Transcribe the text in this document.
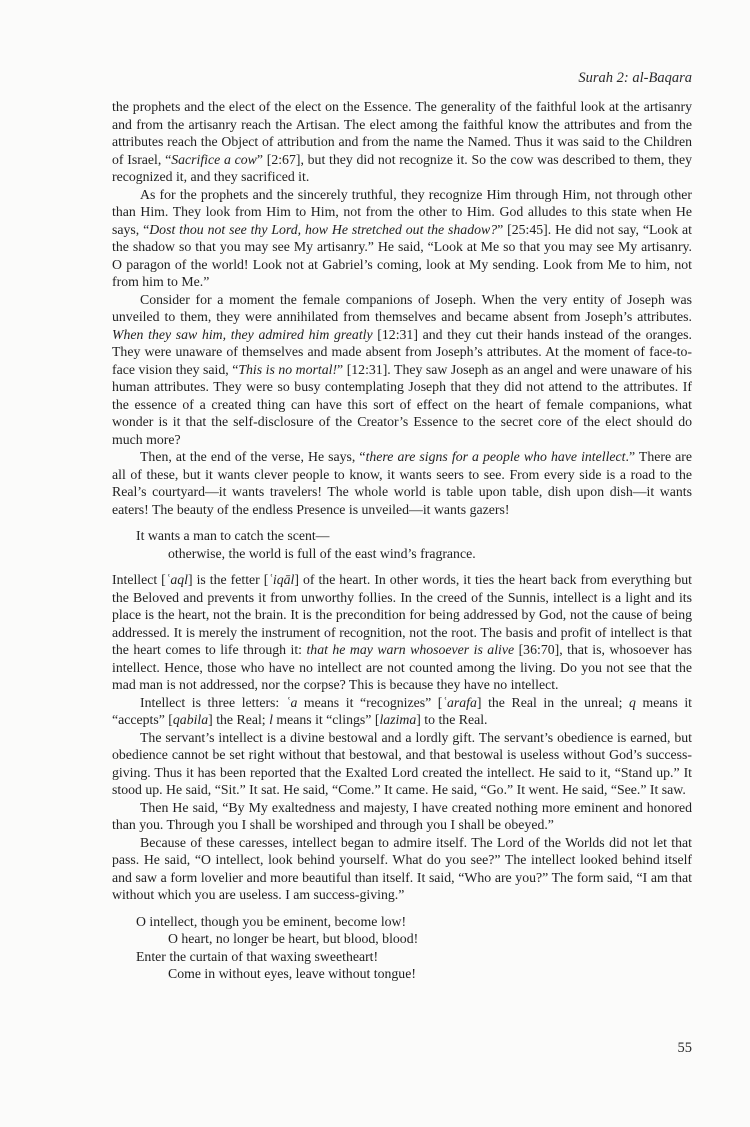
Surah 2: al-Baqara

the prophets and the elect of the elect on the Essence. The generality of the faithful look at the artisanry and from the artisanry reach the Artisan. The elect among the faithful know the attributes and from the attributes reach the Object of attribution and from the name the Named. Thus it was said to the Children of Israel, “Sacrifice a cow” [2:67], but they did not recognize it. So the cow was described to them, they recognized it, and they sacrificed it.

As for the prophets and the sincerely truthful, they recognize Him through Him, not through other than Him. They look from Him to Him, not from the other to Him. God alludes to this state when He says, “Dost thou not see thy Lord, how He stretched out the shadow?” [25:45]. He did not say, “Look at the shadow so that you may see My artisanry.” He said, “Look at Me so that you may see My artisanry. O paragon of the world! Look not at Gabriel’s coming, look at My sending. Look from Me to him, not from him to Me.”

Consider for a moment the female companions of Joseph. When the very entity of Joseph was unveiled to them, they were annihilated from themselves and became absent from Joseph’s attributes. When they saw him, they admired him greatly [12:31] and they cut their hands instead of the oranges. They were unaware of themselves and made absent from Joseph’s attributes. At the moment of face-to-face vision they said, “This is no mortal!” [12:31]. They saw Joseph as an angel and were unaware of his human attributes. They were so busy contemplating Joseph that they did not attend to the attributes. If the essence of a created thing can have this sort of effect on the heart of female companions, what wonder is it that the self-disclosure of the Creator’s Essence to the secret core of the elect should do much more?

Then, at the end of the verse, He says, “there are signs for a people who have intellect.” There are all of these, but it wants clever people to know, it wants seers to see. From every side is a road to the Real’s courtyard—it wants travelers! The whole world is table upon table, dish upon dish—it wants eaters! The beauty of the endless Presence is unveiled—it wants gazers!

It wants a man to catch the scent—
otherwise, the world is full of the east wind’s fragrance.

Intellect [ʿaql] is the fetter [ʿiqāl] of the heart. In other words, it ties the heart back from everything but the Beloved and prevents it from unworthy follies. In the creed of the Sunnis, intellect is a light and its place is the heart, not the brain. It is the precondition for being addressed by God, not the cause of being addressed. It is merely the instrument of recognition, not the root. The basis and profit of intellect is that the heart comes to life through it: that he may warn whosoever is alive [36:70], that is, whosoever has intellect. Hence, those who have no intellect are not counted among the living. Do you not see that the mad man is not addressed, nor the corpse? This is because they have no intellect.

Intellect is three letters: ʿa means it “recognizes” [ʿarafa] the Real in the unreal; q means it “accepts” [qabila] the Real; l means it “clings” [lazima] to the Real.

The servant’s intellect is a divine bestowal and a lordly gift. The servant’s obedience is earned, but obedience cannot be set right without that bestowal, and that bestowal is useless without God’s success-giving. Thus it has been reported that the Exalted Lord created the intellect. He said to it, “Stand up.” It stood up. He said, “Sit.” It sat. He said, “Come.” It came. He said, “Go.” It went. He said, “See.” It saw.

Then He said, “By My exaltedness and majesty, I have created nothing more eminent and honored than you. Through you I shall be worshiped and through you I shall be obeyed.”

Because of these caresses, intellect began to admire itself. The Lord of the Worlds did not let that pass. He said, “O intellect, look behind yourself. What do you see?” The intellect looked behind itself and saw a form lovelier and more beautiful than itself. It said, “Who are you?” The form said, “I am that without which you are useless. I am success-giving.”

O intellect, though you be eminent, become low!
O heart, no longer be heart, but blood, blood!
Enter the curtain of that waxing sweetheart!
Come in without eyes, leave without tongue!
55
